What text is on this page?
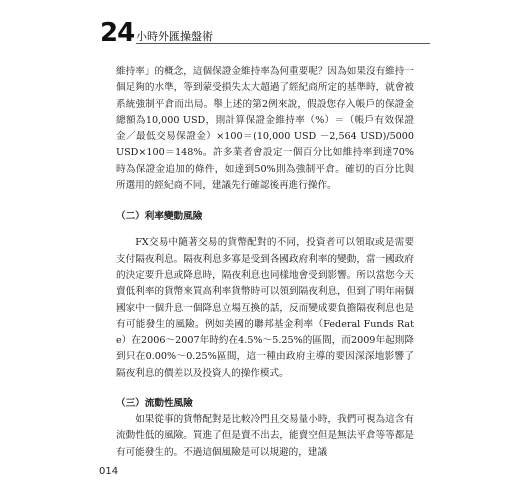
24 小時外匯操盤術

維持率」的概念，這個保證金維持率為何重要呢？因為如果沒有維持一個足夠的水準，等到蒙受損失太大超過了經紀商所定的基準時，就會被系統強制平倉而出局。舉上述的第2例來說，假設您存入帳戶的保證金總額為10,000 USD，則計算保證金維持率（%）＝（帳戶有效保證金／最低交易保證金）×100＝(10,000 USD －2,564 USD)/5000 USD×100＝148%。許多業者會設定一個百分比如維持率到達70%時為保證金追加的條件，如達到50%則為強制平倉。確切的百分比與所選用的經紀商不同，建議先行確認後再進行操作。

（二）利率變動風險

FX交易中隨著交易的貨幣配對的不同，投資者可以領取或是需要支付隔夜利息。隔夜利息多寡是受到各國政府利率的變動，當一國政府的決定要升息或降息時，隔夜利息也同樣地會受到影響。所以當您今天賣低利率的貨幣來買高利率貨幣時可以領到隔夜利息，但到了明年兩個國家中一個升息一個降息立場互換的話，反而變成要負擔隔夜利息也是有可能發生的風險。例如美國的聯邦基金利率（Federal Funds Rate）在2006～2007年時約在4.5%～5.25%的區間，而2009年起則降到只在0.00%～0.25%區間，這一種由政府主導的要因深深地影響了隔夜利息的價差以及投資人的操作模式。

（三）流動性風險

如果從事的貨幣配對是比較冷門且交易量小時，我們可視為這含有流動性低的風險。買進了但是賣不出去，能賣空但是無法平倉等等都是有可能發生的。不過這個風險是可以規避的，建議

014
